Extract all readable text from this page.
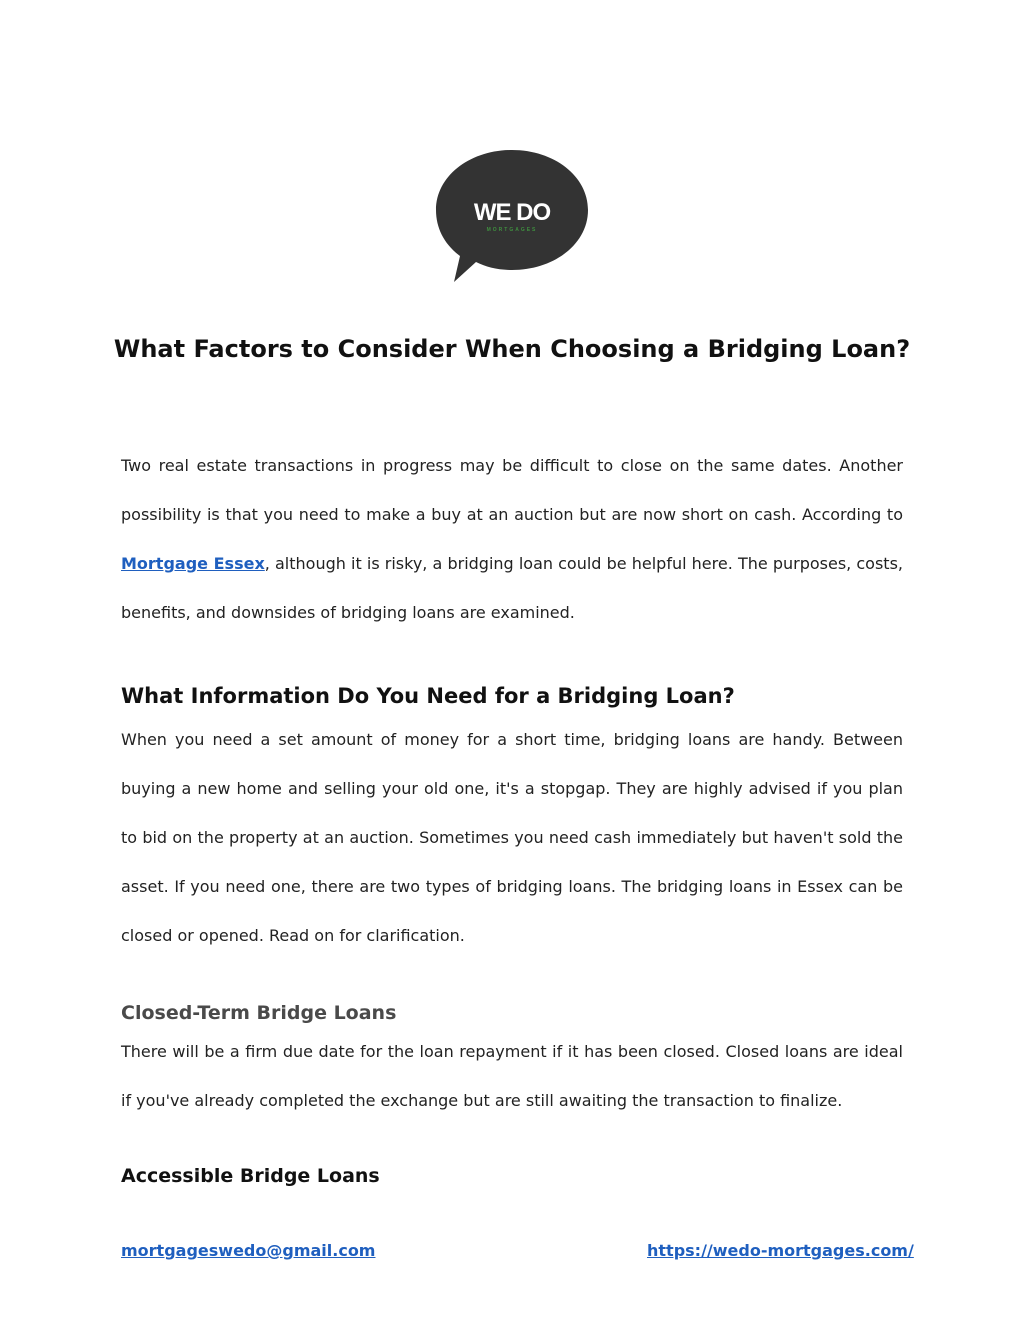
WE DO
MORTGAGES
What Factors to Consider When Choosing a Bridging Loan?

Two real estate transactions in progress may be difficult to close on the same dates. Another possibility is that you need to make a buy at an auction but are now short on cash. According to Mortgage Essex, although it is risky, a bridging loan could be helpful here. The purposes, costs, benefits, and downsides of bridging loans are examined.

What Information Do You Need for a Bridging Loan?

When you need a set amount of money for a short time, bridging loans are handy. Between buying a new home and selling your old one, it's a stopgap. They are highly advised if you plan to bid on the property at an auction. Sometimes you need cash immediately but haven't sold the asset. If you need one, there are two types of bridging loans. The bridging loans in Essex can be closed or opened. Read on for clarification.

Closed-Term Bridge Loans

There will be a firm due date for the loan repayment if it has been closed. Closed loans are ideal if you've already completed the exchange but are still awaiting the transaction to finalize.

Accessible Bridge Loans
mortgageswedo@gmail.com	https://wedo-mortgages.com/
